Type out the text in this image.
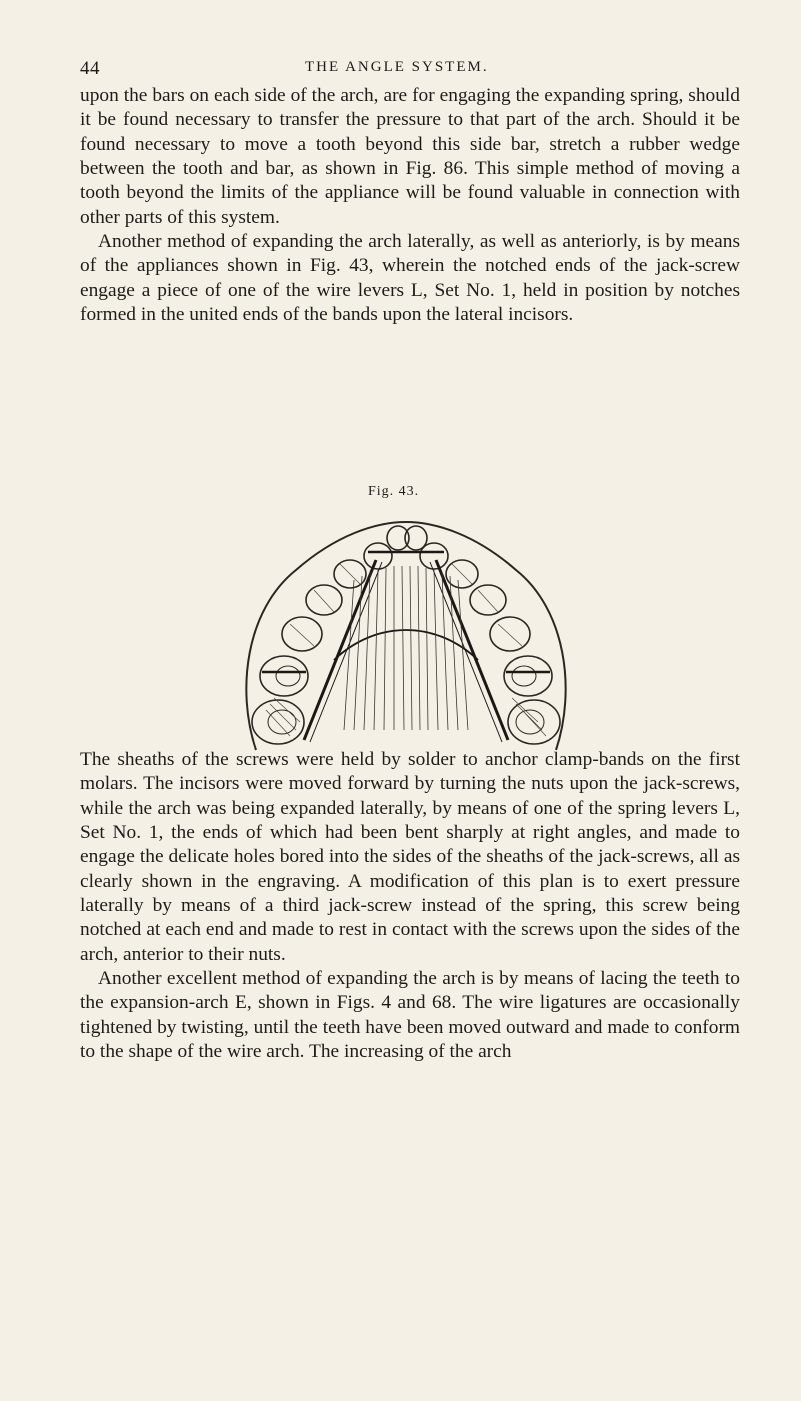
44	THE ANGLE SYSTEM.

upon the bars on each side of the arch, are for engaging the expanding spring, should it be found necessary to transfer the pressure to that part of the arch. Should it be found necessary to move a tooth beyond this side bar, stretch a rubber wedge between the tooth and bar, as shown in Fig. 86. This simple method of moving a tooth beyond the limits of the appliance will be found valuable in connection with other parts of this system.

Another method of expanding the arch laterally, as well as anteriorly, is by means of the appliances shown in Fig. 43, wherein the notched ends of the jack-screw engage a piece of one of the wire levers L, Set No. 1, held in position by notches formed in the united ends of the bands upon the lateral incisors.

Fig. 43.

The sheaths of the screws were held by solder to anchor clamp-bands on the first molars. The incisors were moved forward by turning the nuts upon the jack-screws, while the arch was being expanded laterally, by means of one of the spring levers L, Set No. 1, the ends of which had been bent sharply at right angles, and made to engage the delicate holes bored into the sides of the sheaths of the jack-screws, all as clearly shown in the engraving. A modification of this plan is to exert pressure laterally by means of a third jack-screw instead of the spring, this screw being notched at each end and made to rest in contact with the screws upon the sides of the arch, anterior to their nuts.

Another excellent method of expanding the arch is by means of lacing the teeth to the expansion-arch E, shown in Figs. 4 and 68. The wire ligatures are occasionally tightened by twisting, until the teeth have been moved outward and made to conform to the shape of the wire arch. The increasing of the arch
